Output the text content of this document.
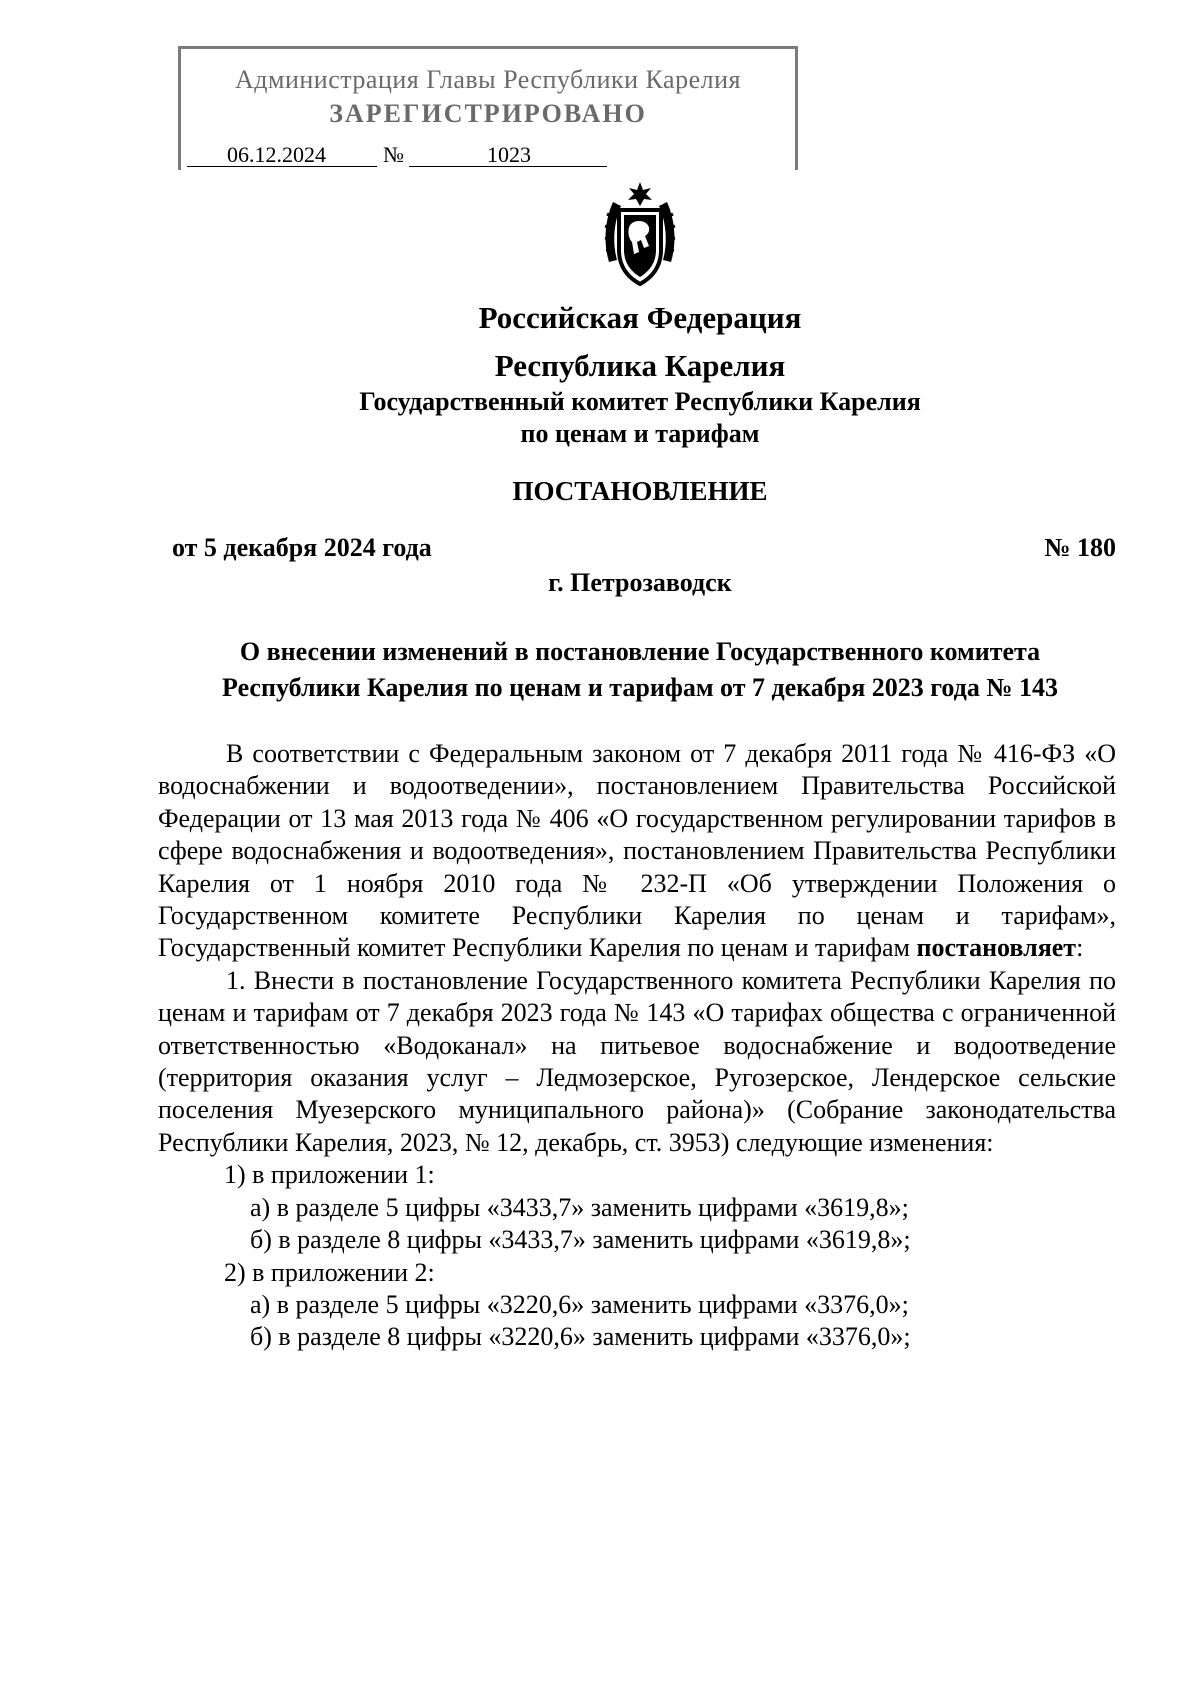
Администрация Главы Республики Карелия
ЗАРЕГИСТРИРОВАНО
06.12.2024	№	1023
Российская Федерация
Республика Карелия
Государственный комитет Республики Карелия
по ценам и тарифам
ПОСТАНОВЛЕНИЕ
от 5 декабря 2024 года	№ 180
г. Петрозаводск
О внесении изменений в постановление Государственного комитета
Республики Карелия по ценам и тарифам от 7 декабря 2023 года № 143

В соответствии с Федеральным законом от 7 декабря 2011 года № 416-ФЗ «О водоснабжении и водоотведении», постановлением Правительства Российской Федерации от 13 мая 2013 года № 406 «О государственном регулировании тарифов в сфере водоснабжения и водоотведения», постановлением Правительства Республики Карелия от 1 ноября 2010 года № 232-П «Об утверждении Положения о Государственном комитете Республики Карелия по ценам и тарифам», Государственный комитет Республики Карелия по ценам и тарифам постановляет:

1. Внести в постановление Государственного комитета Республики Карелия по ценам и тарифам от 7 декабря 2023 года № 143 «О тарифах общества с ограниченной ответственностью «Водоканал» на питьевое водоснабжение и водоотведение (территория оказания услуг – Ледмозерское, Ругозерское, Лендерское сельские поселения Муезерского муниципального района)» (Собрание законодательства Республики Карелия, 2023, № 12, декабрь, ст. 3953) следующие изменения:

1) в приложении 1:

а) в разделе 5 цифры «3433,7» заменить цифрами «3619,8»;

б) в разделе 8 цифры «3433,7» заменить цифрами «3619,8»;

2) в приложении 2:

а) в разделе 5 цифры «3220,6» заменить цифрами «3376,0»;

б) в разделе 8 цифры «3220,6» заменить цифрами «3376,0»;
